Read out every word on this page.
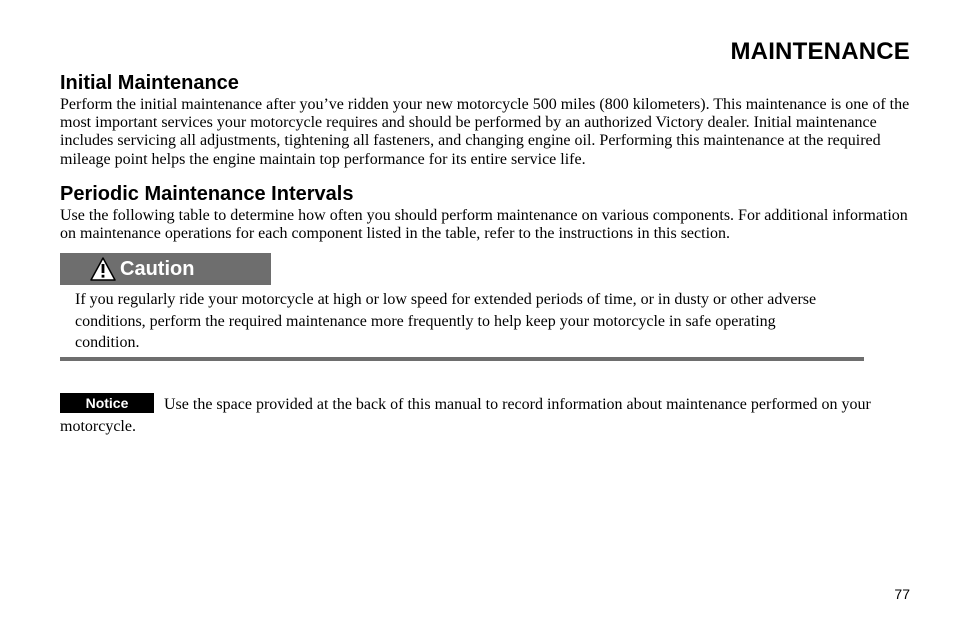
MAINTENANCE
Initial Maintenance

Perform the initial maintenance after you’ve ridden your new motorcycle 500 miles (800 kilometers). This maintenance is one of the most important services your motorcycle requires and should be performed by an authorized Victory dealer. Initial maintenance includes servicing all adjustments, tightening all fasteners, and changing engine oil. Performing this maintenance at the required mileage point helps the engine maintain top performance for its entire service life.

Periodic Maintenance Intervals

Use the following table to determine how often you should perform maintenance on various components. For additional information on maintenance operations for each component listed in the table, refer to the instructions in this section.

Caution

If you regularly ride your motorcycle at high or low speed for extended periods of time, or in dusty or other adverse conditions, perform the required maintenance more frequently to help keep your motorcycle in safe operating condition.

Notice Use the space provided at the back of this manual to record information about maintenance performed on your motorcycle.
77
